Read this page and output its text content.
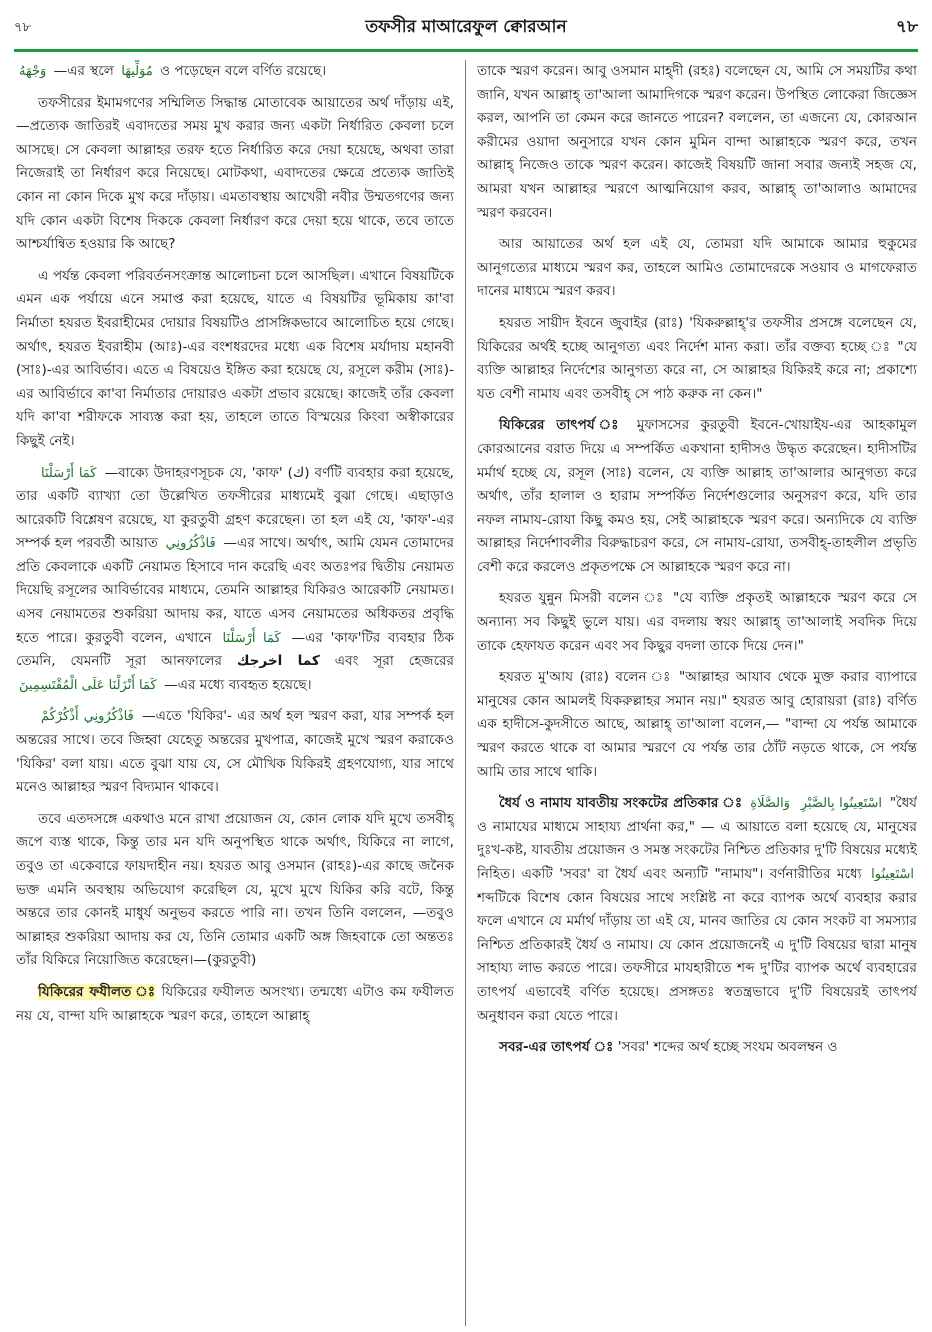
৭৮	তফসীর মাআরেফুল ক্বোরআন	৭৮

وَجْهَهُ —এর স্থলে مُوَلِّيهَا ও পড়েছেন বলে বর্ণিত রয়েছে।

তফসীরের ইমামগণের সম্মিলিত সিদ্ধান্ত মোতাবেক আয়াতের অর্থ দাঁড়ায় এই,—প্রত্যেক জাতিরই এবাদতের সময় মুখ করার জন্য একটা নির্ধারিত কেবলা চলে আসছে। সে কেবলা আল্লাহর তরফ হতে নির্ধারিত করে দেয়া হয়েছে, অথবা তারা নিজেরাই তা নির্ধারণ করে নিয়েছে। মোটকথা, এবাদতের ক্ষেত্রে প্রত্যেক জাতিই কোন না কোন দিকে মুখ করে দাঁড়ায়। এমতাবস্থায় আখেরী নবীর উম্মতগণের জন্য যদি কোন একটা বিশেষ দিককে কেবলা নির্ধারণ করে দেয়া হয়ে থাকে, তবে তাতে আশ্চর্যান্বিত হওয়ার কি আছে?

এ পর্যন্ত কেবলা পরিবর্তনসংক্রান্ত আলোচনা চলে আসছিল। এখানে বিষয়টিকে এমন এক পর্যায়ে এনে সমাপ্ত করা হয়েছে, যাতে এ বিষয়টির ভূমিকায় কা'বা নির্মাতা হযরত ইবরাহীমের দোয়ার বিষয়টিও প্রাসঙ্গিকভাবে আলোচিত হয়ে গেছে। অর্থাৎ, হযরত ইবরাহীম (আঃ)-এর বংশধরদের মধ্যে এক বিশেষ মর্যাদায় মহানবী (সাঃ)-এর আবির্ভাব। এতে এ বিষয়েও ইঙ্গিত করা হয়েছে যে, রসূলে করীম (সাঃ)-এর আবির্ভাবে কা'বা নির্মাতার দোয়ারও একটা প্রভাব রয়েছে। কাজেই তাঁর কেবলা যদি কা'বা শরীফকে সাব্যস্ত করা হয়, তাহলে তাতে বিস্ময়ের কিংবা অস্বীকারের কিছুই নেই।

كَمَا أَرْسَلْنَا —বাক্যে উদাহরণসূচক যে, 'কাফ' (ك) বর্ণটি ব্যবহার করা হয়েছে, তার একটি ব্যাখ্যা তো উল্লেখিত তফসীরের মাধ্যমেই বুঝা গেছে। এছাড়াও আরেকটি বিশ্লেষণ রয়েছে, যা কুরতুবী গ্রহণ করেছেন। তা হল এই যে, 'কাফ'-এর সম্পর্ক হল পরবর্তী আয়াত فَاذْكُرُونِي —এর সাথে। অর্থাৎ, আমি যেমন তোমাদের প্রতি কেবলাকে একটি নেয়ামত হিসাবে দান করেছি এবং অতঃপর দ্বিতীয় নেয়ামত দিয়েছি রসূলের আবির্ভাবের মাধ্যমে, তেমনি আল্লাহর যিকিরও আরেকটি নেয়ামত। এসব নেয়ামতের শুকরিয়া আদায় কর, যাতে এসব নেয়ামতের অধিকতর প্রবৃদ্ধি হতে পারে। কুরতুবী বলেন, এখানে كَمَا أَرْسَلْنَا —এর 'কাফ'টির ব্যবহার ঠিক তেমনি, যেমনটি সূরা আনফালের كما اخرجك এবং সূরা হেজরের كَمَا أَنْزَلْنَا عَلَى الْمُقْتَسِمِينَ —এর মধ্যে ব্যবহৃত হয়েছে।

فَاذْكُرُونِي أَذْكُرْكُمْ —এতে 'যিকির'- এর অর্থ হল স্মরণ করা, যার সম্পর্ক হল অন্তরের সাথে। তবে জিহ্বা যেহেতু অন্তরের মুখপাত্র, কাজেই মুখে স্মরণ করাকেও 'যিকির' বলা যায়। এতে বুঝা যায় যে, সে মৌখিক যিকিরই গ্রহণযোগ্য, যার সাথে মনেও আল্লাহর স্মরণ বিদ্যমান থাকবে।

তবে এতদসঙ্গে একথাও মনে রাখা প্রয়োজন যে, কোন লোক যদি মুখে তসবীহ্ জপে ব্যস্ত থাকে, কিন্তু তার মন যদি অনুপস্থিত থাকে অর্থাৎ, যিকিরে না লাগে, তবুও তা একেবারে ফায়দাহীন নয়। হযরত আবু ওসমান (রাহঃ)-এর কাছে জনৈক ভক্ত এমনি অবস্থায় অভিযোগ করেছিল যে, মুখে মুখে যিকির করি বটে, কিন্তু অন্তরে তার কোনই মাধুর্য অনুভব করতে পারি না। তখন তিনি বললেন, —তবুও আল্লাহর শুকরিয়া আদায় কর যে, তিনি তোমার একটি অঙ্গ জিহবাকে তো অন্ততঃ তাঁর যিকিরে নিয়োজিত করেছেন।—(কুরতুবী)

যিকিরের ফযীলত ঃ যিকিরের ফযীলত অসংখ্য। তন্মধ্যে এটাও কম ফযীলত নয় যে, বান্দা যদি আল্লাহকে স্মরণ করে, তাহলে আল্লাহ্

তাকে স্মরণ করেন। আবু ওসমান মাহ্দী (রহঃ) বলেছেন যে, আমি সে সময়টির কথা জানি, যখন আল্লাহ্ তা'আলা আমাদিগকে স্মরণ করেন। উপস্থিত লোকেরা জিজ্ঞেস করল, আপনি তা কেমন করে জানতে পারেন? বললেন, তা এজন্যে যে, কোরআন করীমের ওয়াদা অনুসারে যখন কোন মুমিন বান্দা আল্লাহকে স্মরণ করে, তখন আল্লাহ্ নিজেও তাকে স্মরণ করেন। কাজেই বিষয়টি জানা সবার জন্যই সহজ যে, আমরা যখন আল্লাহর স্মরণে আত্মনিয়োগ করব, আল্লাহ্ তা'আলাও আমাদের স্মরণ করবেন।

আর আয়াতের অর্থ হল এই যে, তোমরা যদি আমাকে আমার হুকুমের আনুগত্যের মাধ্যমে স্মরণ কর, তাহলে আমিও তোমাদেরকে সওয়াব ও মাগফেরাত দানের মাধ্যমে স্মরণ করব।

হযরত সায়ীদ ইবনে জুবাইর (রাঃ) 'যিকরুল্লাহ্'র তফসীর প্রসঙ্গে বলেছেন যে, যিকিরের অর্থই হচ্ছে আনুগত্য এবং নির্দেশ মান্য করা। তাঁর বক্তব্য হচ্ছে ঃ "যে ব্যক্তি আল্লাহর নির্দেশের আনুগত্য করে না, সে আল্লাহর যিকিরই করে না; প্রকাশ্যে যত বেশী নামায এবং তসবীহ্ সে পাঠ করুক না কেন।"

যিকিরের তাৎপর্য ঃ মুফাসসের কুরতুবী ইবনে-খোয়াইয-এর আহকামুল কোরআনের বরাত দিয়ে এ সম্পর্কিত একখানা হাদীসও উদ্ধৃত করেছেন। হাদীসটির মর্মার্থ হচ্ছে যে, রসূল (সাঃ) বলেন, যে ব্যক্তি আল্লাহ তা'আলার আনুগত্য করে অর্থাৎ, তাঁর হালাল ও হারাম সম্পর্কিত নির্দেশগুলোর অনুসরণ করে, যদি তার নফল নামায-রোযা কিছু কমও হয়, সেই আল্লাহকে স্মরণ করে। অন্যদিকে যে ব্যক্তি আল্লাহর নির্দেশাবলীর বিরুদ্ধাচরণ করে, সে নামায-রোযা, তসবীহ্-তাহলীল প্রভৃতি বেশী করে করলেও প্রকৃতপক্ষে সে আল্লাহকে স্মরণ করে না।

হযরত যুন্নুন মিসরী বলেন ঃ "যে ব্যক্তি প্রকৃতই আল্লাহকে স্মরণ করে সে অন্যান্য সব কিছুই ভুলে যায়। এর বদলায় স্বয়ং আল্লাহ্ তা'আলাই সবদিক দিয়ে তাকে হেফাযত করেন এবং সব কিছুর বদলা তাকে দিয়ে দেন।"

হযরত মু'আয (রাঃ) বলেন ঃ "আল্লাহর আযাব থেকে মুক্ত করার ব্যাপারে মানুষের কোন আমলই যিকরুল্লাহর সমান নয়।" হযরত আবু হোরায়রা (রাঃ) বর্ণিত এক হাদীসে-কুদসীতে আছে, আল্লাহ্ তা'আলা বলেন,— "বান্দা যে পর্যন্ত আমাকে স্মরণ করতে থাকে বা আমার স্মরণে যে পর্যন্ত তার ঠোঁট নড়তে থাকে, সে পর্যন্ত আমি তার সাথে থাকি।

ধৈর্য ও নামায যাবতীয় সংকটের প্রতিকার ঃ	اسْتَعِينُوا بِالصَّبْرِ وَالصَّلَاةِ	"ধৈর্য ও নামাযের মাধ্যমে সাহায্য প্রার্থনা কর," — এ আয়াতে বলা হয়েছে যে, মানুষের দুঃখ-কষ্ট, যাবতীয় প্রয়োজন ও সমস্ত সংকটের নিশ্চিত প্রতিকার দু'টি বিষয়ের মধ্যেই নিহিত। একটি 'সবর' বা ধৈর্য এবং অন্যটি "নামায"। বর্ণনারীতির মধ্যে اسْتَعِينُوا শব্দটিকে বিশেষ কোন বিষয়ের সাথে সংশ্লিষ্ট না করে ব্যাপক অর্থে ব্যবহার করার ফলে এখানে যে মর্মার্থ দাঁড়ায় তা এই যে, মানব জাতির যে কোন সংকট বা সমস্যার নিশ্চিত প্রতিকারই ধৈর্য ও নামায। যে কোন প্রয়োজনেই এ দু'টি বিষয়ের দ্বারা মানুষ সাহায্য লাভ করতে পারে। তফসীরে মাযহারীতে শব্দ দু'টির ব্যাপক অর্থে ব্যবহারের তাৎপর্য এভাবেই বর্ণিত হয়েছে। প্রসঙ্গতঃ স্বতন্ত্রভাবে দু'টি বিষয়েরই তাৎপর্য অনুধাবন করা যেতে পারে।

সবর-এর তাৎপর্য ঃ 'সবর' শব্দের অর্থ হচ্ছে সংযম অবলম্বন ও
